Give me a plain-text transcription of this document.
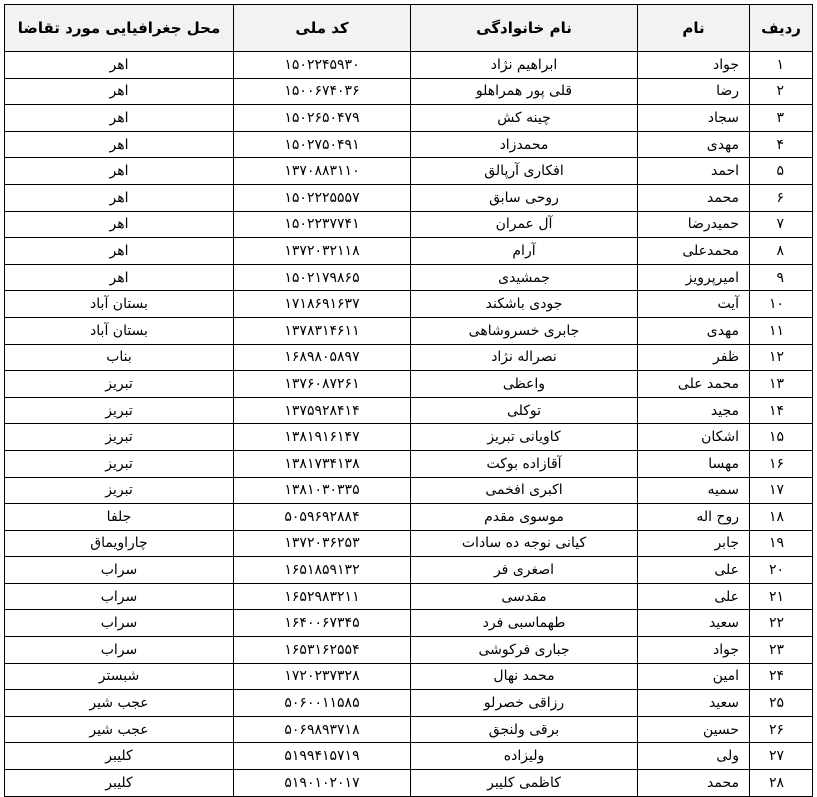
ردیف	نام	نام خانوادگی	کد ملی	محل جغرافیایی مورد تقاضا
۱	جواد	ابراهیم نژاد	۱۵۰۲۲۴۵۹۳۰	اهر
۲	رضا	قلی پور همراهلو	۱۵۰۰۶۷۴۰۳۶	اهر
۳	سجاد	چینه کش	۱۵۰۲۶۵۰۴۷۹	اهر
۴	مهدی	محمدزاد	۱۵۰۲۷۵۰۴۹۱	اهر
۵	احمد	افکاری آرپالق	۱۳۷۰۸۸۳۱۱۰	اهر
۶	محمد	روحی سابق	۱۵۰۲۲۲۵۵۵۷	اهر
۷	حمیدرضا	آل عمران	۱۵۰۲۲۳۷۷۴۱	اهر
۸	محمدعلی	آرام	۱۳۷۲۰۳۲۱۱۸	اهر
۹	امیرپرویز	جمشیدی	۱۵۰۲۱۷۹۸۶۵	اهر
۱۰	آیت	جودی باشکند	۱۷۱۸۶۹۱۶۳۷	بستان آباد
۱۱	مهدی	جابری خسروشاهی	۱۳۷۸۳۱۴۶۱۱	بستان آباد
۱۲	ظفر	نصراله نژاد	۱۶۸۹۸۰۵۸۹۷	بناب
۱۳	محمد علی	واعظی	۱۳۷۶۰۸۷۲۶۱	تبریز
۱۴	مجید	توکلی	۱۳۷۵۹۲۸۴۱۴	تبریز
۱۵	اشکان	کاویانی تبریز	۱۳۸۱۹۱۶۱۴۷	تبریز
۱۶	مهسا	آقازاده بوکت	۱۳۸۱۷۳۴۱۳۸	تبریز
۱۷	سمیه	اکبری افخمی	۱۳۸۱۰۳۰۳۳۵	تبریز
۱۸	روح اله	موسوی مقدم	۵۰۵۹۶۹۲۸۸۴	جلفا
۱۹	جابر	کیانی نوجه ده سادات	۱۳۷۲۰۳۶۲۵۳	چاراویماق
۲۰	علی	اصغری فر	۱۶۵۱۸۵۹۱۳۲	سراب
۲۱	علی	مقدسی	۱۶۵۲۹۸۳۲۱۱	سراب
۲۲	سعید	طهماسبی فرد	۱۶۴۰۰۶۷۳۴۵	سراب
۲۳	جواد	جباری فرکوشی	۱۶۵۳۱۶۲۵۵۴	سراب
۲۴	امین	محمد نهال	۱۷۲۰۲۳۷۳۲۸	شبستر
۲۵	سعید	رزاقی خصرلو	۵۰۶۰۰۱۱۵۸۵	عجب شیر
۲۶	حسین	برقی ولنجق	۵۰۶۹۸۹۳۷۱۸	عجب شیر
۲۷	ولی	ولیزاده	۵۱۹۹۴۱۵۷۱۹	کلیبر
۲۸	محمد	کاظمی کلیبر	۵۱۹۰۱۰۲۰۱۷	کلیبر
